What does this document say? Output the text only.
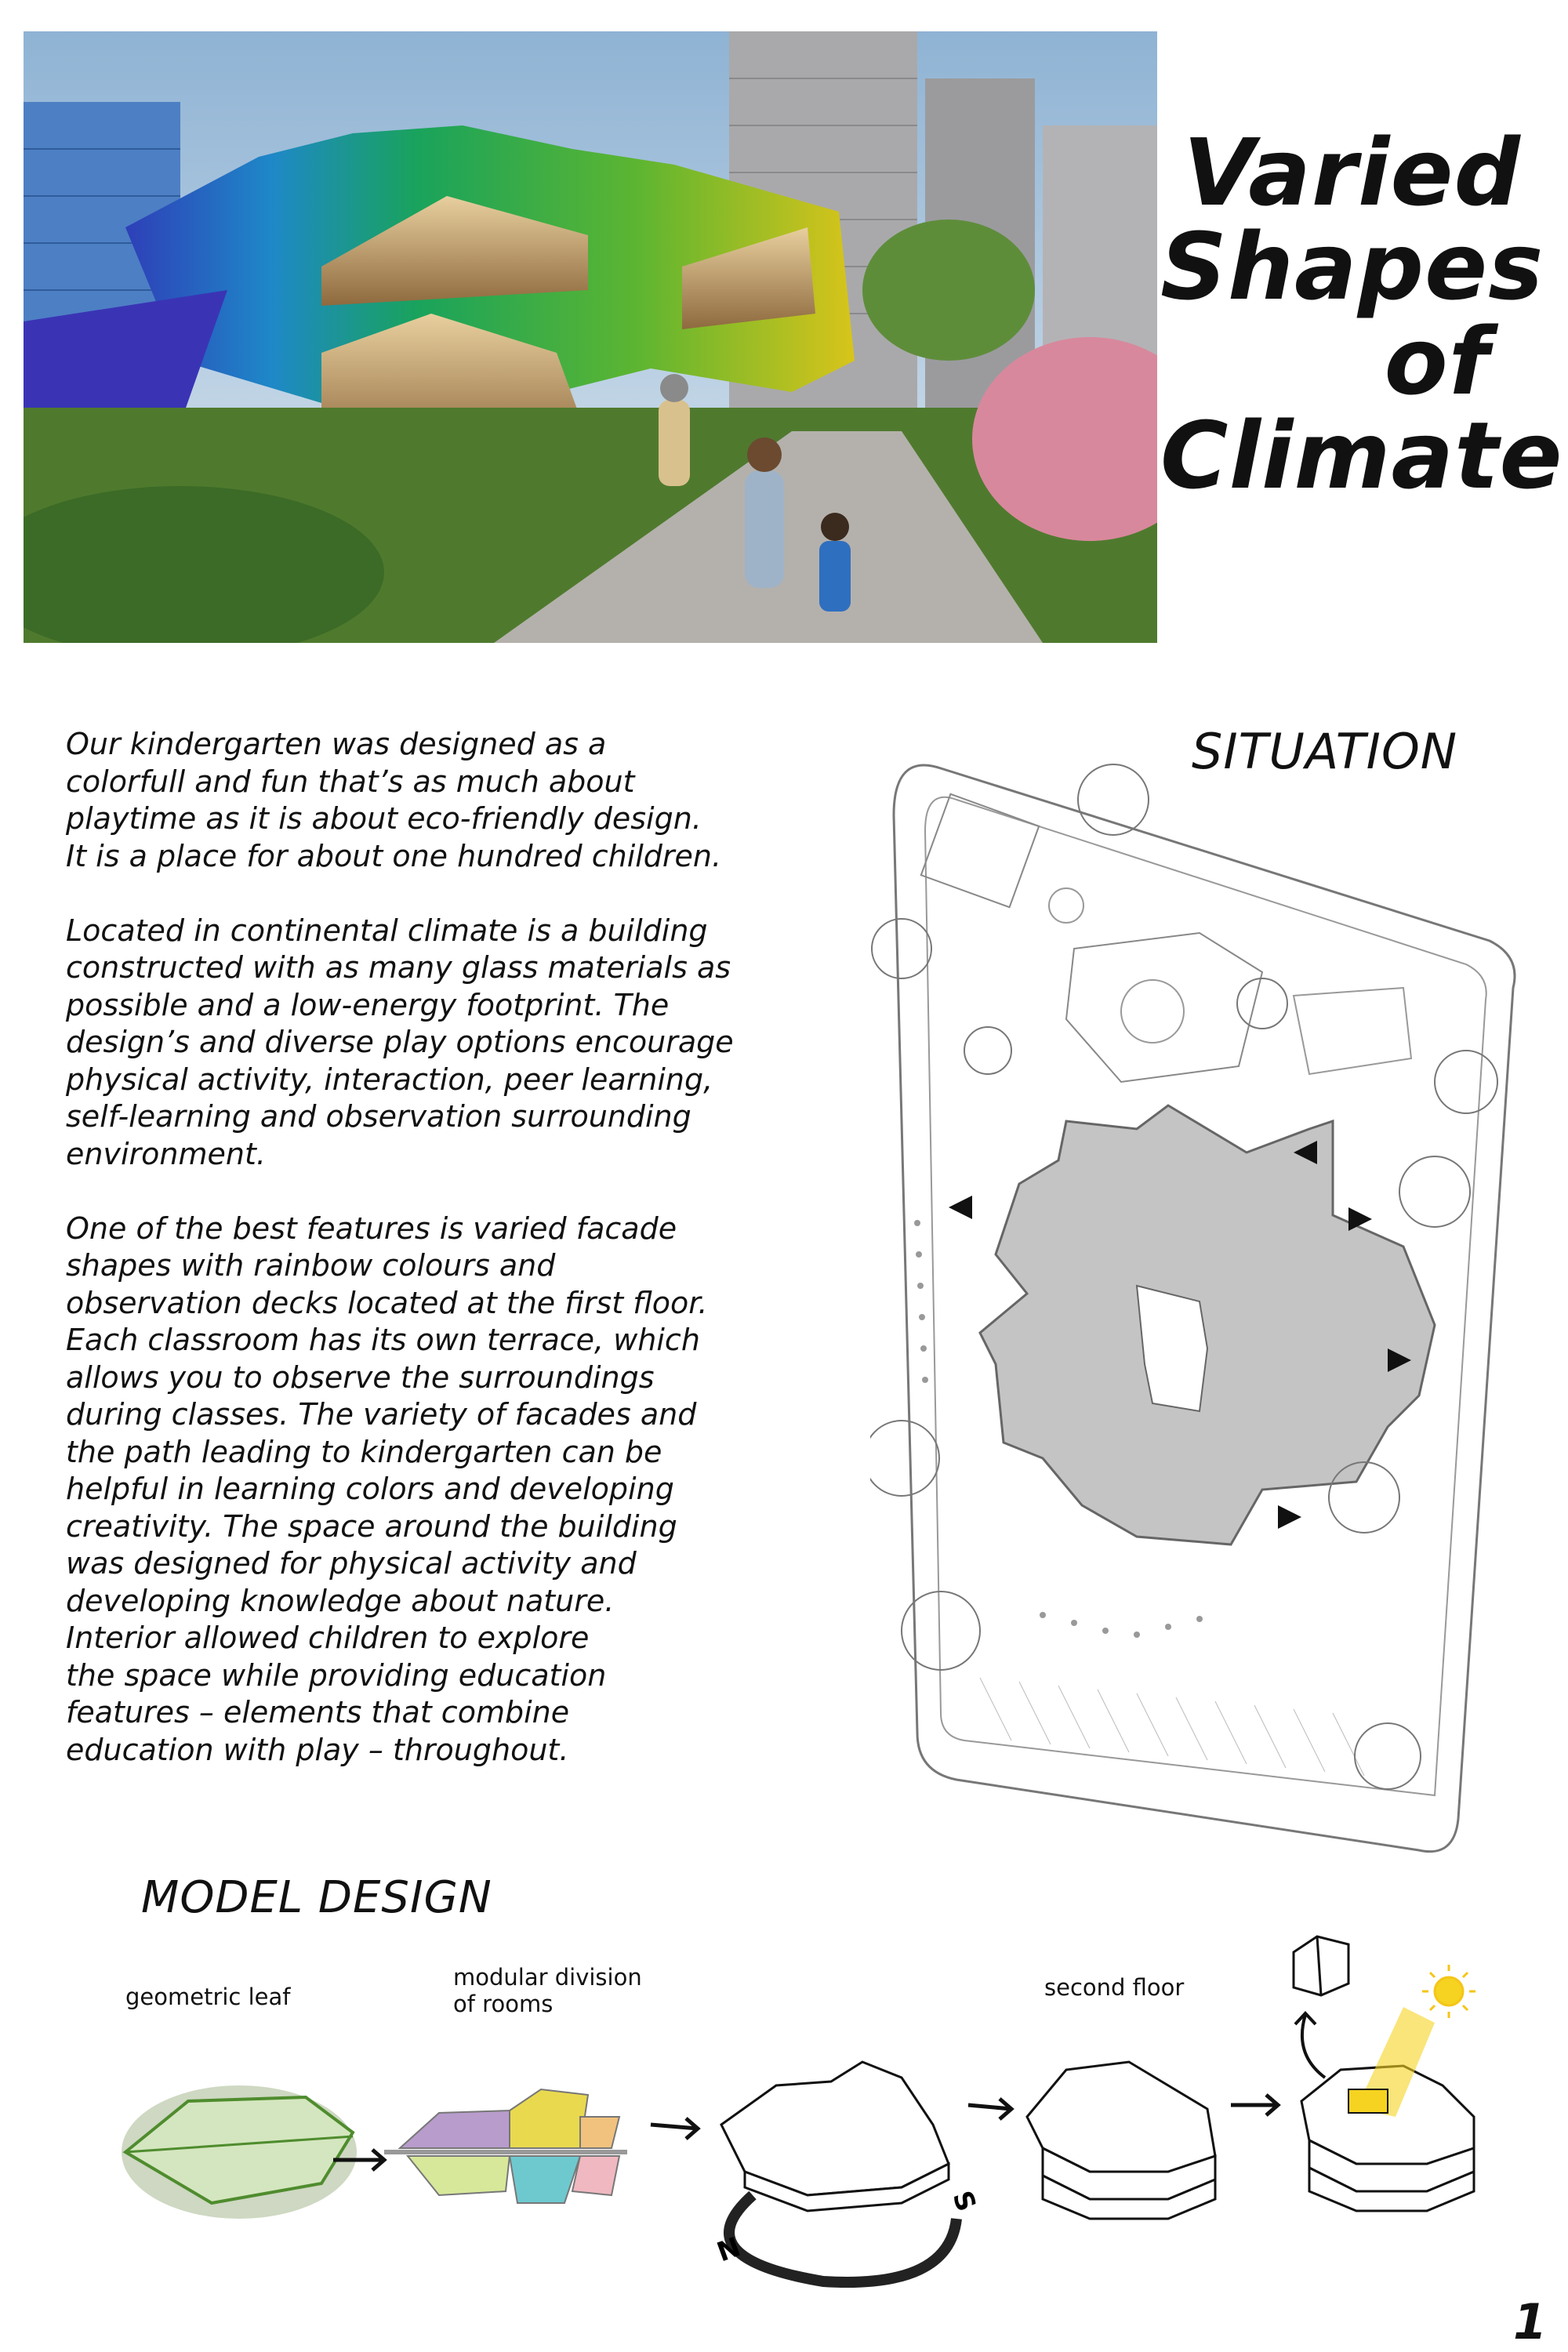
Varied
Shapes
of
Climate

Our kindergarten was designed as a
colorfull and fun that’s as much about
playtime as it is about eco-friendly design.
It is a place for about one hundred children.

Located in continental climate is a building
constructed with as many glass materials as
possible and a low-energy footprint. The
design’s and diverse play options encourage
physical activity, interaction, peer learning,
self-learning and observation surrounding
environment.

One of the best features is varied facade
shapes with rainbow colours and
observation decks located at the first floor.
Each classroom has its own terrace, which
allows you to observe the surroundings
during classes. The variety of facades and
the path leading to kindergarten can be
helpful in learning colors and developing
creativity. The space around the building
was designed for physical activity and
developing knowledge about nature.
Interior allowed children to explore
the space while providing education
features – elements that combine
education with play – throughout.

SITUATION
MODEL DESIGN
geometric leaf
modular division
of rooms
second floor
N
S
1
